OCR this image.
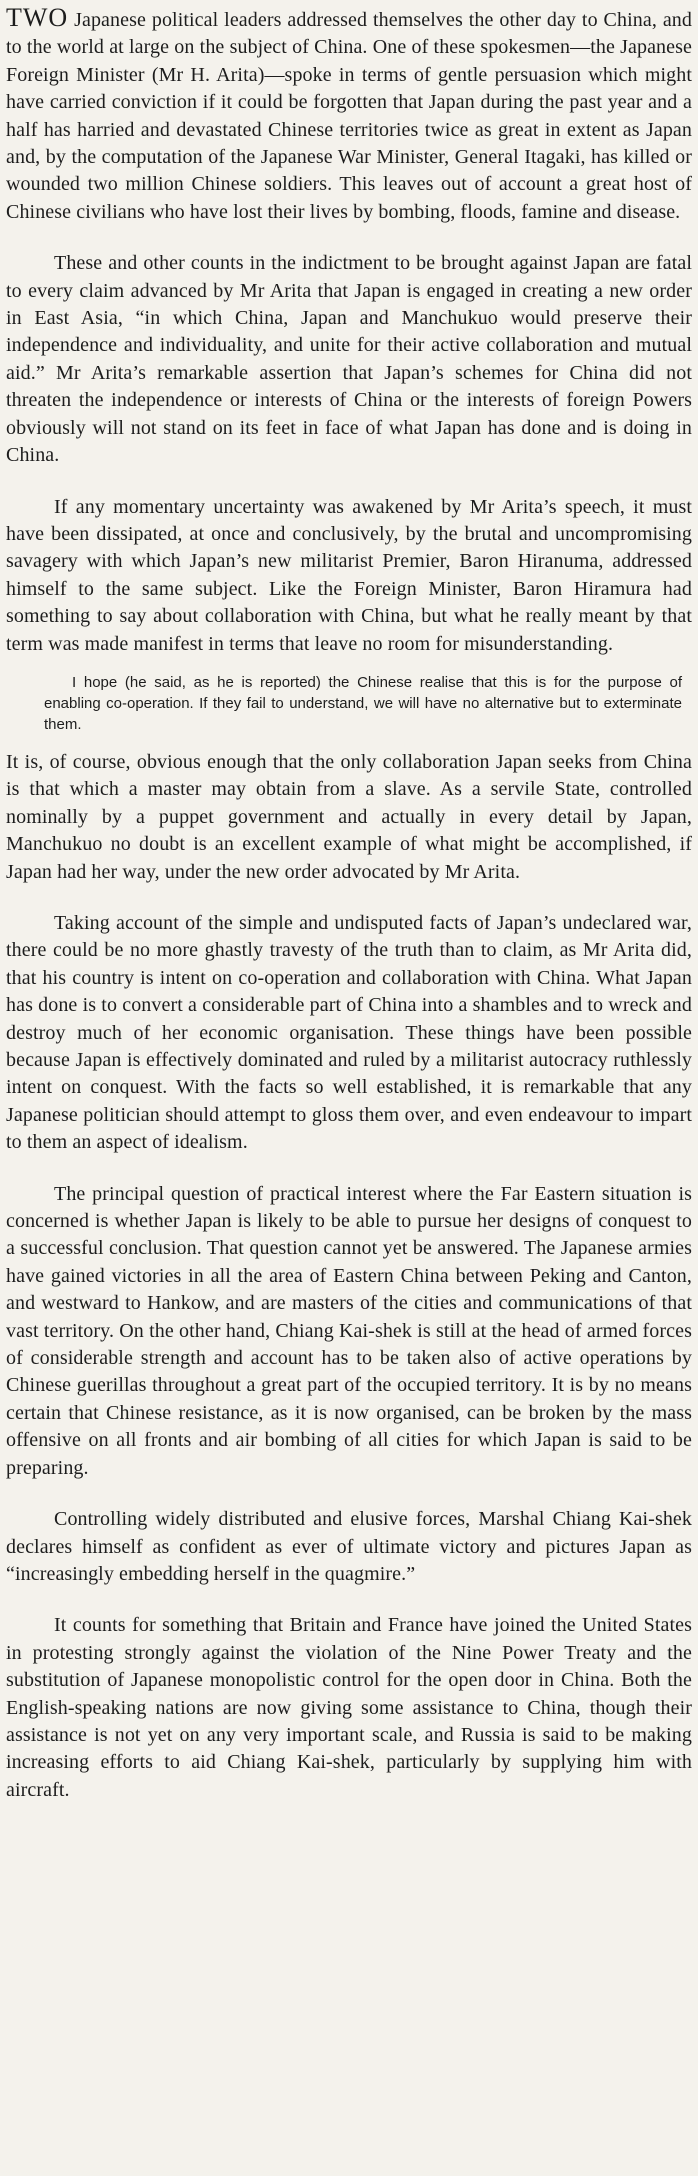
TWO Japanese political leaders addressed themselves the other day to China, and to the world at large on the subject of China. One of these spokesmen—the Japanese Foreign Minister (Mr H. Arita)—spoke in terms of gentle persuasion which might have carried conviction if it could be forgotten that Japan during the past year and a half has harried and devastated Chinese territories twice as great in extent as Japan and, by the computation of the Japanese War Minister, General Itagaki, has killed or wounded two million Chinese soldiers. This leaves out of account a great host of Chinese civilians who have lost their lives by bombing, floods, famine and disease.

These and other counts in the indictment to be brought against Japan are fatal to every claim advanced by Mr Arita that Japan is engaged in creating a new order in East Asia, “in which China, Japan and Manchukuo would preserve their independence and individuality, and unite for their active collaboration and mutual aid.” Mr Arita’s remarkable assertion that Japan’s schemes for China did not threaten the independence or interests of China or the interests of foreign Powers obviously will not stand on its feet in face of what Japan has done and is doing in China.

If any momentary uncertainty was awakened by Mr Arita’s speech, it must have been dissipated, at once and conclusively, by the brutal and uncompromising savagery with which Japan’s new militarist Premier, Baron Hiranuma, addressed himself to the same subject. Like the Foreign Minister, Baron Hiramura had something to say about collaboration with China, but what he really meant by that term was made manifest in terms that leave no room for misunderstanding.

I hope (he said, as he is reported) the Chinese realise that this is for the purpose of enabling co-operation. If they fail to understand, we will have no alternative but to exterminate them.

It is, of course, obvious enough that the only collaboration Japan seeks from China is that which a master may obtain from a slave. As a servile State, controlled nominally by a puppet government and actually in every detail by Japan, Manchukuo no doubt is an excellent example of what might be accomplished, if Japan had her way, under the new order advocated by Mr Arita.

Taking account of the simple and undisputed facts of Japan’s undeclared war, there could be no more ghastly travesty of the truth than to claim, as Mr Arita did, that his country is intent on co-operation and collaboration with China. What Japan has done is to convert a considerable part of China into a shambles and to wreck and destroy much of her economic organisation. These things have been possible because Japan is effectively dominated and ruled by a militarist autocracy ruthlessly intent on conquest. With the facts so well established, it is remarkable that any Japanese politician should attempt to gloss them over, and even endeavour to impart to them an aspect of idealism.

The principal question of practical interest where the Far Eastern situation is concerned is whether Japan is likely to be able to pursue her designs of conquest to a successful conclusion. That question cannot yet be answered. The Japanese armies have gained victories in all the area of Eastern China between Peking and Canton, and westward to Hankow, and are masters of the cities and communications of that vast territory. On the other hand, Chiang Kai-shek is still at the head of armed forces of considerable strength and account has to be taken also of active operations by Chinese guerillas throughout a great part of the occupied territory. It is by no means certain that Chinese resistance, as it is now organised, can be broken by the mass offensive on all fronts and air bombing of all cities for which Japan is said to be preparing.

Controlling widely distributed and elusive forces, Marshal Chiang Kai-shek declares himself as confident as ever of ultimate victory and pictures Japan as “increasingly embedding herself in the quagmire.”

It counts for something that Britain and France have joined the United States in protesting strongly against the violation of the Nine Power Treaty and the substitution of Japanese monopolistic control for the open door in China. Both the English-speaking nations are now giving some assistance to China, though their assistance is not yet on any very important scale, and Russia is said to be making increasing efforts to aid Chiang Kai-shek, particularly by supplying him with aircraft.
